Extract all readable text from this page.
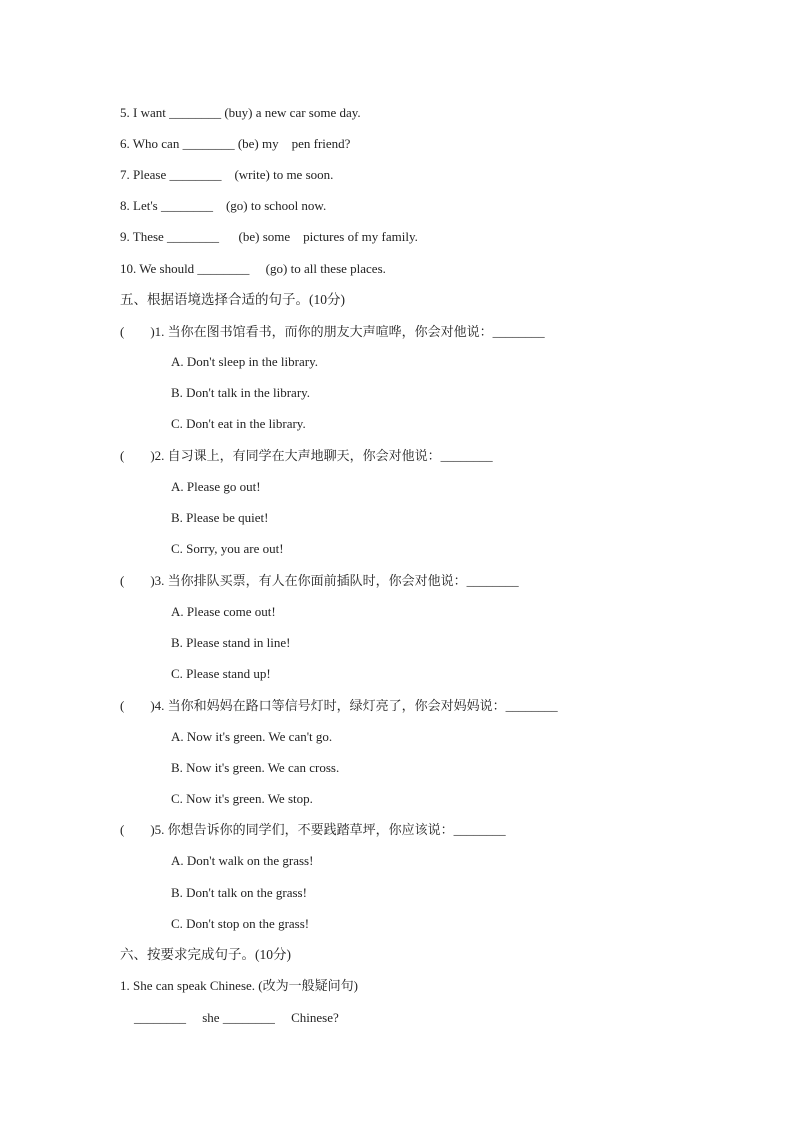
5. I want ________ (buy) a new car some day.
6. Who can ________ (be) my    pen friend?
7. Please ________    (write) to me soon.
8. Let's ________    (go) to school now.
9. These ________      (be) some    pictures of my family.
10. We should ________     (go) to all these places.
五、根据语境选择合适的句子。(10分)
(        )1. 当你在图书馆看书，而你的朋友大声喧哗，你会对他说：________
A. Don't sleep in the library.
B. Don't talk in the library.
C. Don't eat in the library.
(        )2. 自习课上，有同学在大声地聊天，你会对他说：________
A. Please go out!
B. Please be quiet!
C. Sorry, you are out!
(        )3. 当你排队买票，有人在你面前插队时，你会对他说：________
A. Please come out!
B. Please stand in line!
C. Please stand up!
(        )4. 当你和妈妈在路口等信号灯时，绿灯亮了，你会对妈妈说：________
A. Now it's green. We can't go.
B. Now it's green. We can cross.
C. Now it's green. We stop.
(        )5. 你想告诉你的同学们，不要践踏草坪，你应该说：________
A. Don't walk on the grass!
B. Don't talk on the grass!
C. Don't stop on the grass!
六、按要求完成句子。(10分)
1. She can speak Chinese. (改为一般疑问句)
________     she ________     Chinese?
